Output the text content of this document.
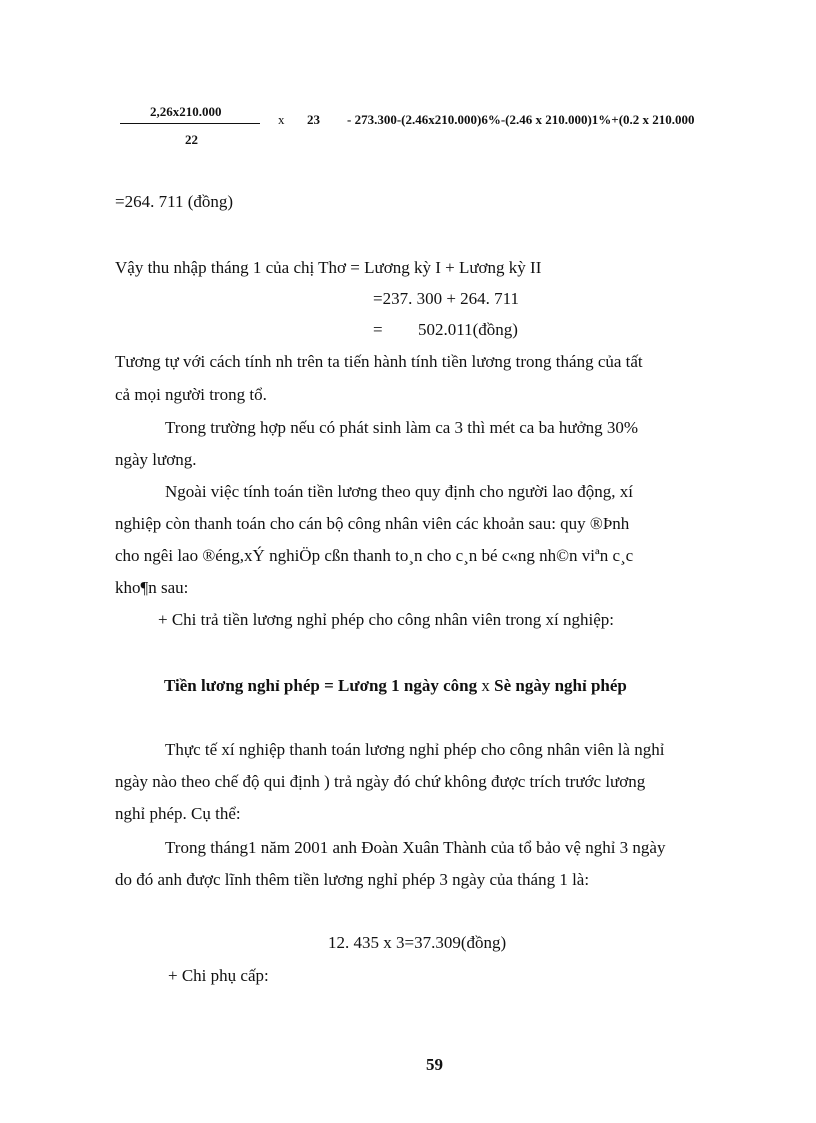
2,26x210.000
22
x 23 - 273.300-(2.46x210.000)6%-(2.46 x 210.000)1%+(0.2 x 210.000
=264. 711 (đồng)
Vậy thu nhập tháng 1 của chị Thơ = Lương kỳ I + Lương kỳ II
=237. 300 + 264. 711
= 502.011(đồng)
Tương tự với cách tính nh trên ta tiến hành tính tiền lương trong tháng của tất
cả mọi người trong tổ.
Trong trường hợp nếu có phát sinh làm ca 3 thì mét ca ba hưởng 30%
ngày lương.
Ngoài việc tính toán tiền lương theo quy định cho người lao động, xí
nghiệp còn thanh toán cho cán bộ công nhân viên các khoản sau: quy ®Þnh
cho ngêi lao ®éng,xÝ nghiÖp cßn thanh to¸n cho c¸n bé c«ng nh©n viªn c¸c
kho¶n sau:
+ Chi trả tiền lương nghỉ phép cho công nhân viên trong xí nghiệp:
Tiền lương nghỉ phép = Lương 1 ngày công x Sè ngày nghỉ phép
Thực tế xí nghiệp thanh toán lương nghỉ phép cho công nhân viên là nghỉ
ngày nào theo chế độ qui định ) trả ngày đó chứ không được trích trước lương
nghỉ phép. Cụ thể:
Trong tháng1 năm 2001 anh Đoàn Xuân Thành của tổ bảo vệ nghỉ 3 ngày
do đó anh được lĩnh thêm tiền lương nghỉ phép 3 ngày của tháng 1 là:
12. 435 x 3=37.309(đồng)
+ Chi phụ cấp:
59
